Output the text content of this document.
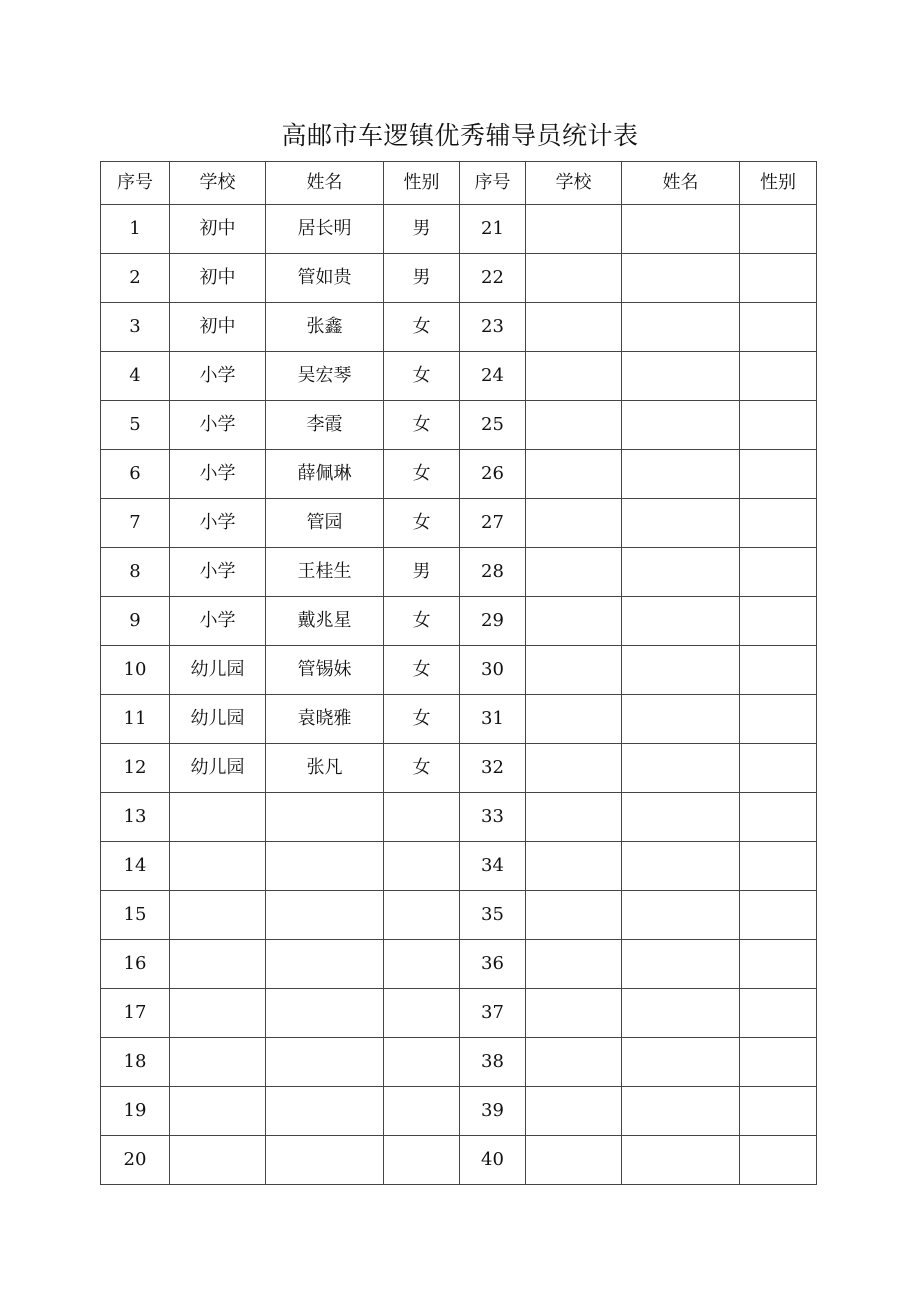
高邮市车逻镇优秀辅导员统计表
序号	学校	姓名	性别	序号	学校	姓名	性别
1	初中	居长明	男	21			
2	初中	管如贵	男	22			
3	初中	张鑫	女	23			
4	小学	吴宏琴	女	24			
5	小学	李霞	女	25			
6	小学	薛佩琳	女	26			
7	小学	管园	女	27			
8	小学	王桂生	男	28			
9	小学	戴兆星	女	29			
10	幼儿园	管锡妹	女	30			
11	幼儿园	袁晓雅	女	31			
12	幼儿园	张凡	女	32			
13				33			
14				34			
15				35			
16				36			
17				37			
18				38			
19				39			
20				40			
